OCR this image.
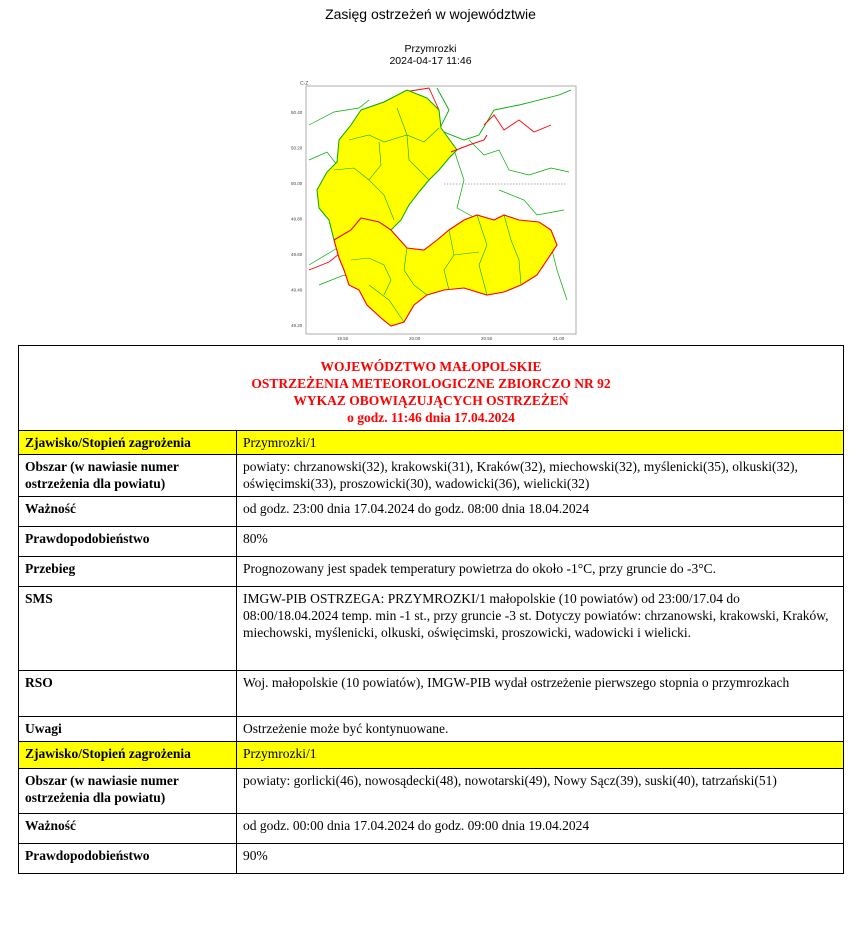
Zasięg ostrzeżeń w województwie
Przymrozki
2024-04-17 11:46
C-Z
50.40
50.20
50.00
49.80
49.60
49.40
49.20
19.50	20.00	20.50	21.00
WOJEWÓDZTWO MAŁOPOLSKIE
OSTRZEŻENIA METEOROLOGICZNE ZBIORCZO NR 92
WYKAZ OBOWIĄZUJĄCYCH OSTRZEŻEŃ
o godz. 11:46 dnia 17.04.2024	

Zjawisko/Stopień zagrożenia	Przymrozki/1
Obszar (w nawiasie numer ostrzeżenia dla powiatu)	powiaty: chrzanowski(32), krakowski(31), Kraków(32), miechowski(32), myślenicki(35), olkuski(32), oświęcimski(33), proszowicki(30), wadowicki(36), wielicki(32)
Ważność	od godz. 23:00 dnia 17.04.2024 do godz. 08:00 dnia 18.04.2024
Prawdopodobieństwo	80%
Przebieg	Prognozowany jest spadek temperatury powietrza do około -1°C, przy gruncie do -3°C.
SMS	IMGW-PIB OSTRZEGA: PRZYMROZKI/1 małopolskie (10 powiatów) od 23:00/17.04 do 08:00/18.04.2024 temp. min -1 st., przy gruncie -3 st. Dotyczy powiatów: chrzanowski, krakowski, Kraków, miechowski, myślenicki, olkuski, oświęcimski, proszowicki, wadowicki i wielicki.
RSO	Woj. małopolskie (10 powiatów), IMGW-PIB wydał ostrzeżenie pierwszego stopnia o przymrozkach
Uwagi	Ostrzeżenie może być kontynuowane.
Zjawisko/Stopień zagrożenia	Przymrozki/1
Obszar (w nawiasie numer ostrzeżenia dla powiatu)	powiaty: gorlicki(46), nowosądecki(48), nowotarski(49), Nowy Sącz(39), suski(40), tatrzański(51)
Ważność	od godz. 00:00 dnia 17.04.2024 do godz. 09:00 dnia 19.04.2024
Prawdopodobieństwo	90%
